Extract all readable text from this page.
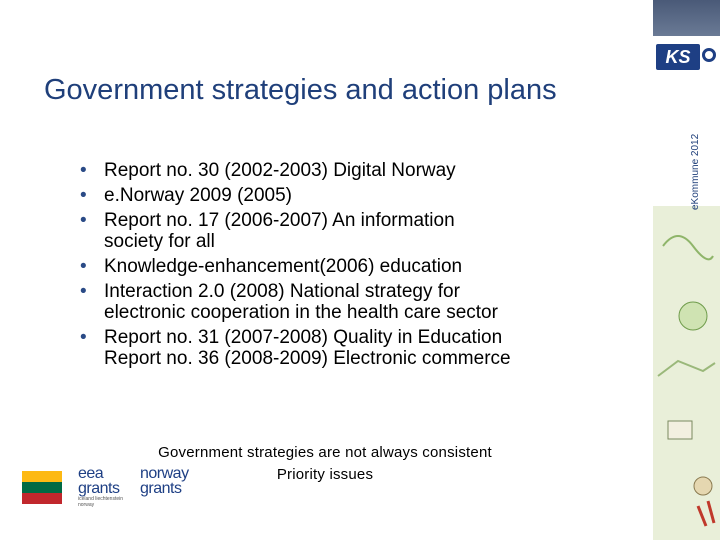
KS
eKommune 2012
Government strategies and action plans
• Report no. 30 (2002-2003) Digital Norway
• e.Norway 2009 (2005)
• Report no. 17 (2006-2007) An information
society for all
• Knowledge-enhancement(2006) education
• Interaction 2.0 (2008) National strategy for
electronic cooperation in the health care sector
• Report no. 31 (2007-2008) Quality in Education
Report no. 36 (2008-2009) Electronic commerce
Government strategies are not always consistent
Priority issues
eea
grants
iceland liechtenstein norway
norway
grants
